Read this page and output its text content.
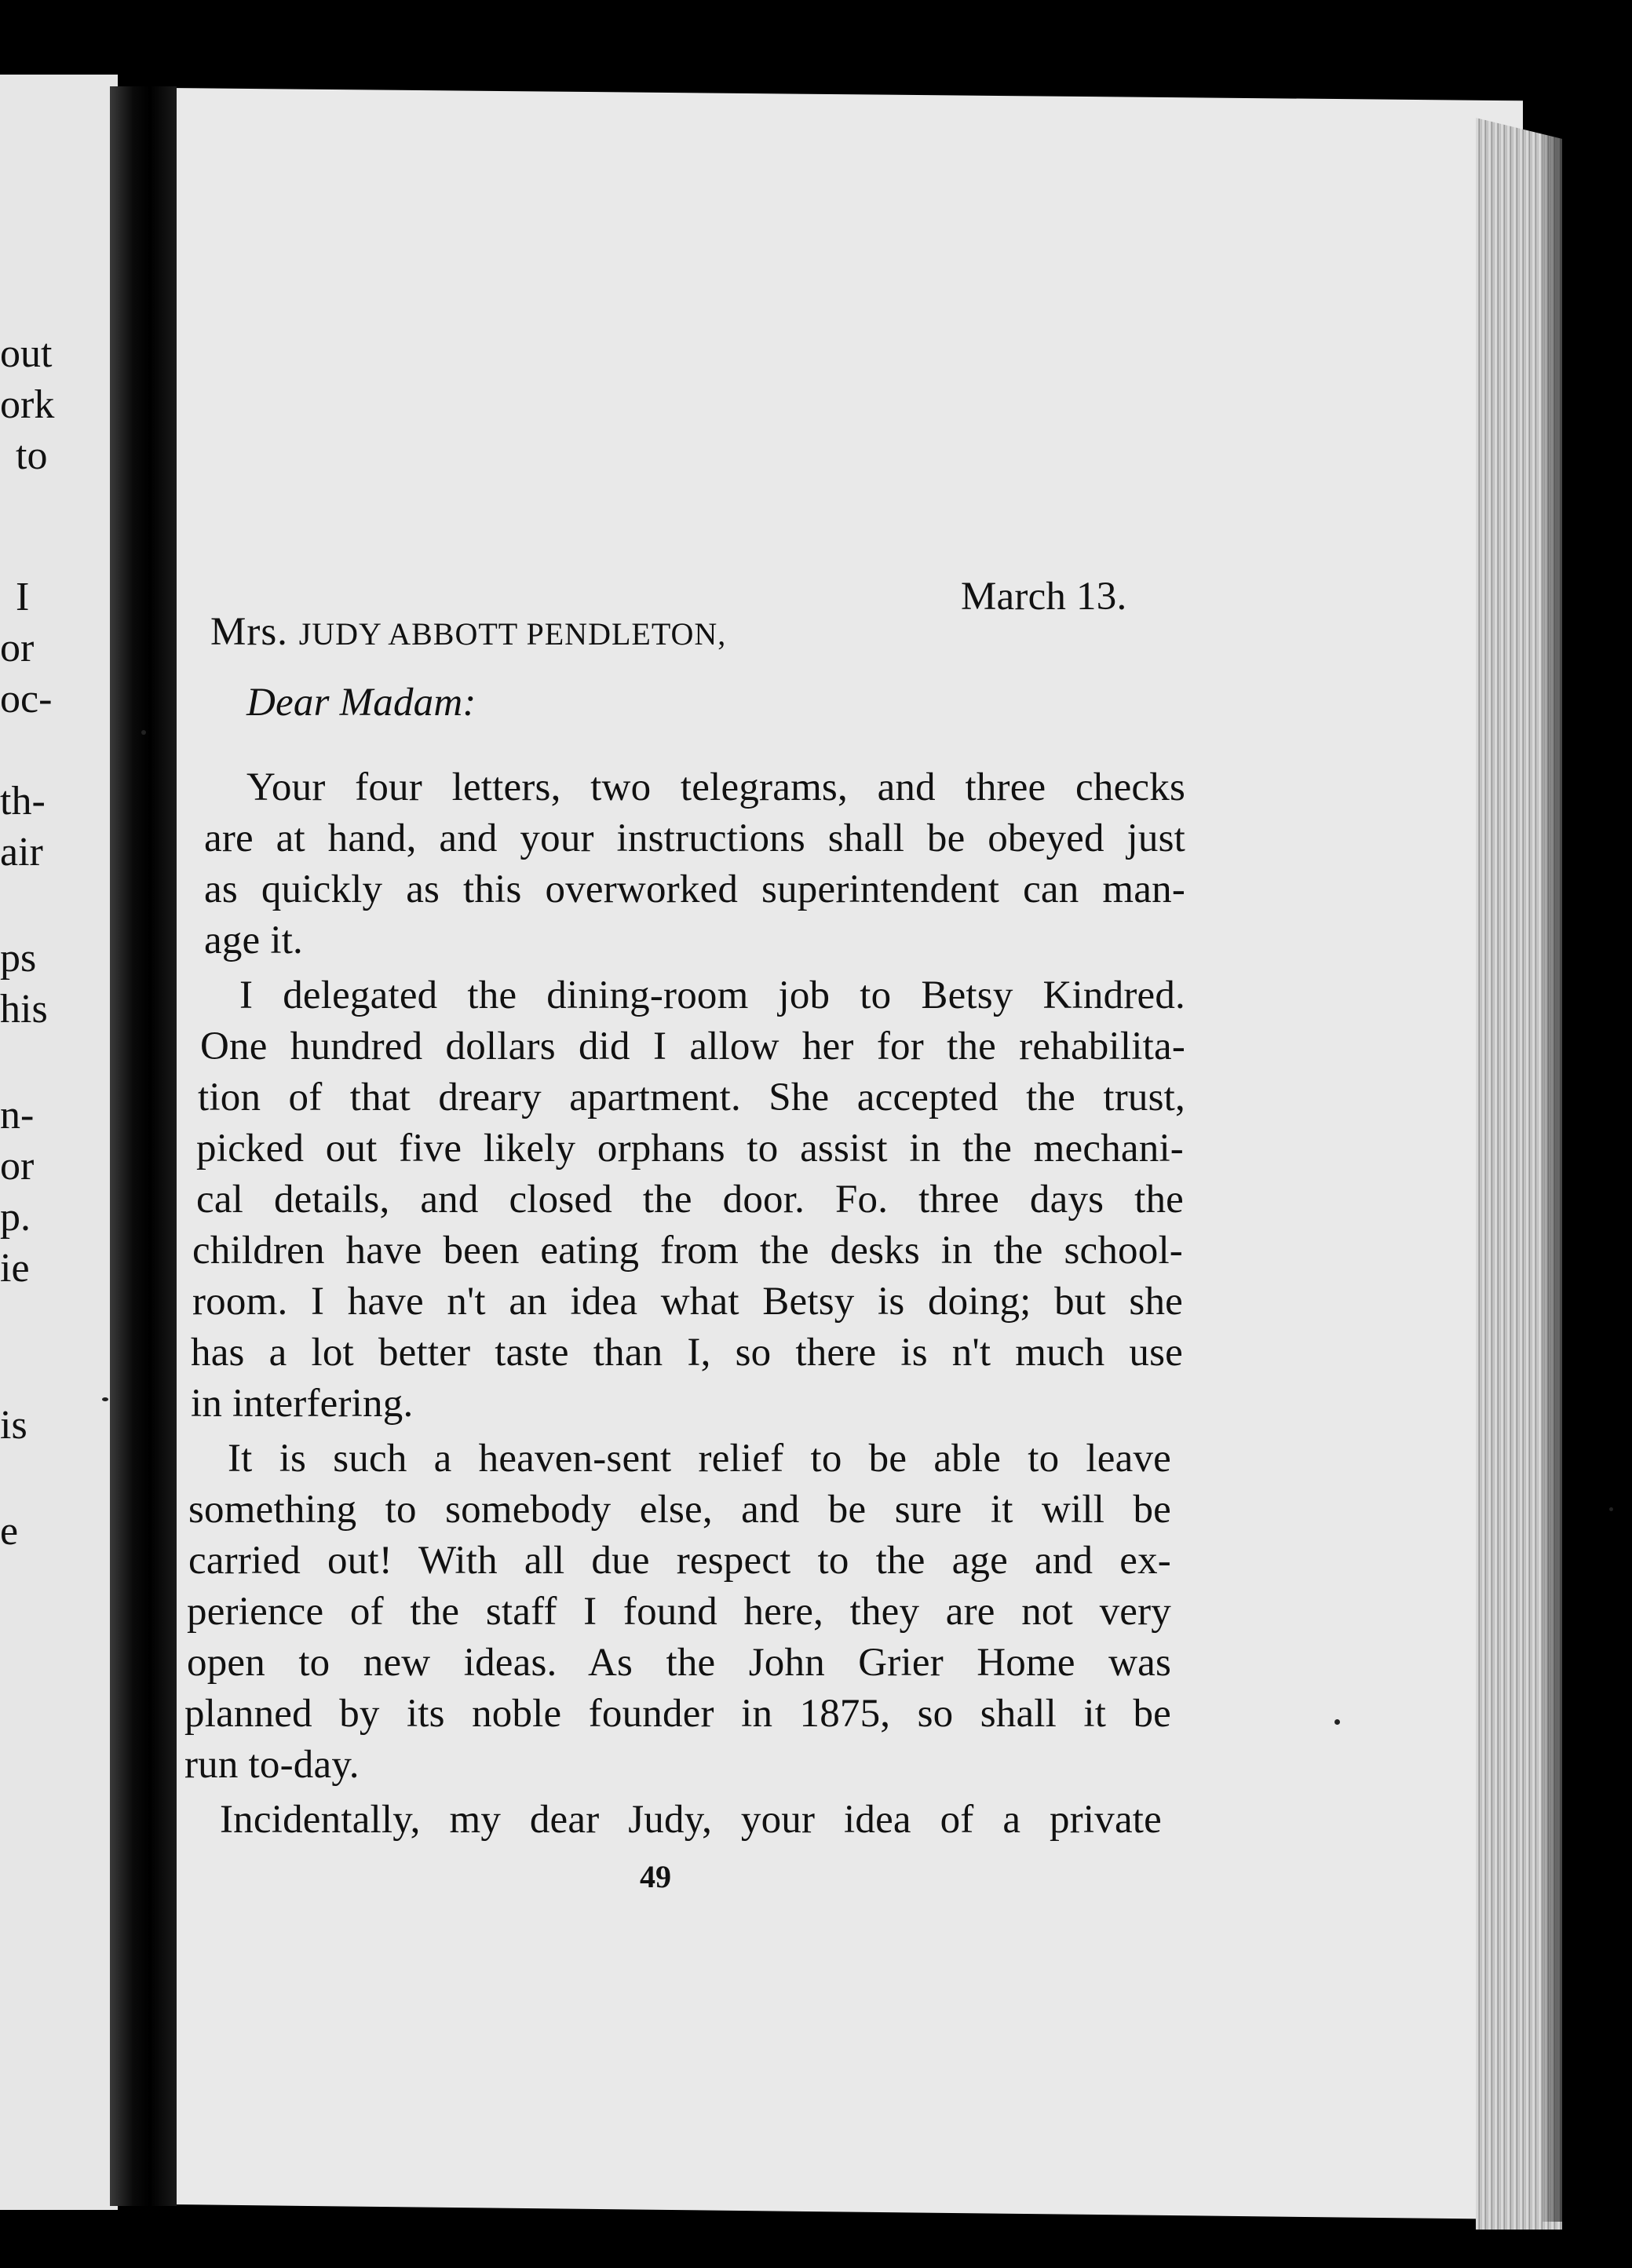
out
ork
to
I
or
oc-
th-
air
ps
his
n-
or
p.
ie
is
e
March 13.
Mrs. JUDY ABBOTT PENDLETON,
Dear Madam:
Your four letters, two telegrams, and three checks
are at hand, and your instructions shall be obeyed just
as quickly as this overworked superintendent can man-
age it.
I delegated the dining-room job to Betsy Kindred.
One hundred dollars did I allow her for the rehabilita-
tion of that dreary apartment. She accepted the trust,
picked out five likely orphans to assist in the mechani-
cal details, and closed the door. Fo. three days the
children have been eating from the desks in the school-
room. I have n't an idea what Betsy is doing; but she
has a lot better taste than I, so there is n't much use
in interfering.
It is such a heaven-sent relief to be able to leave
something to somebody else, and be sure it will be
carried out! With all due respect to the age and ex-
perience of the staff I found here, they are not very
open to new ideas. As the John Grier Home was
planned by its noble founder in 1875, so shall it be
run to-day.
Incidentally, my dear Judy, your idea of a private
49
